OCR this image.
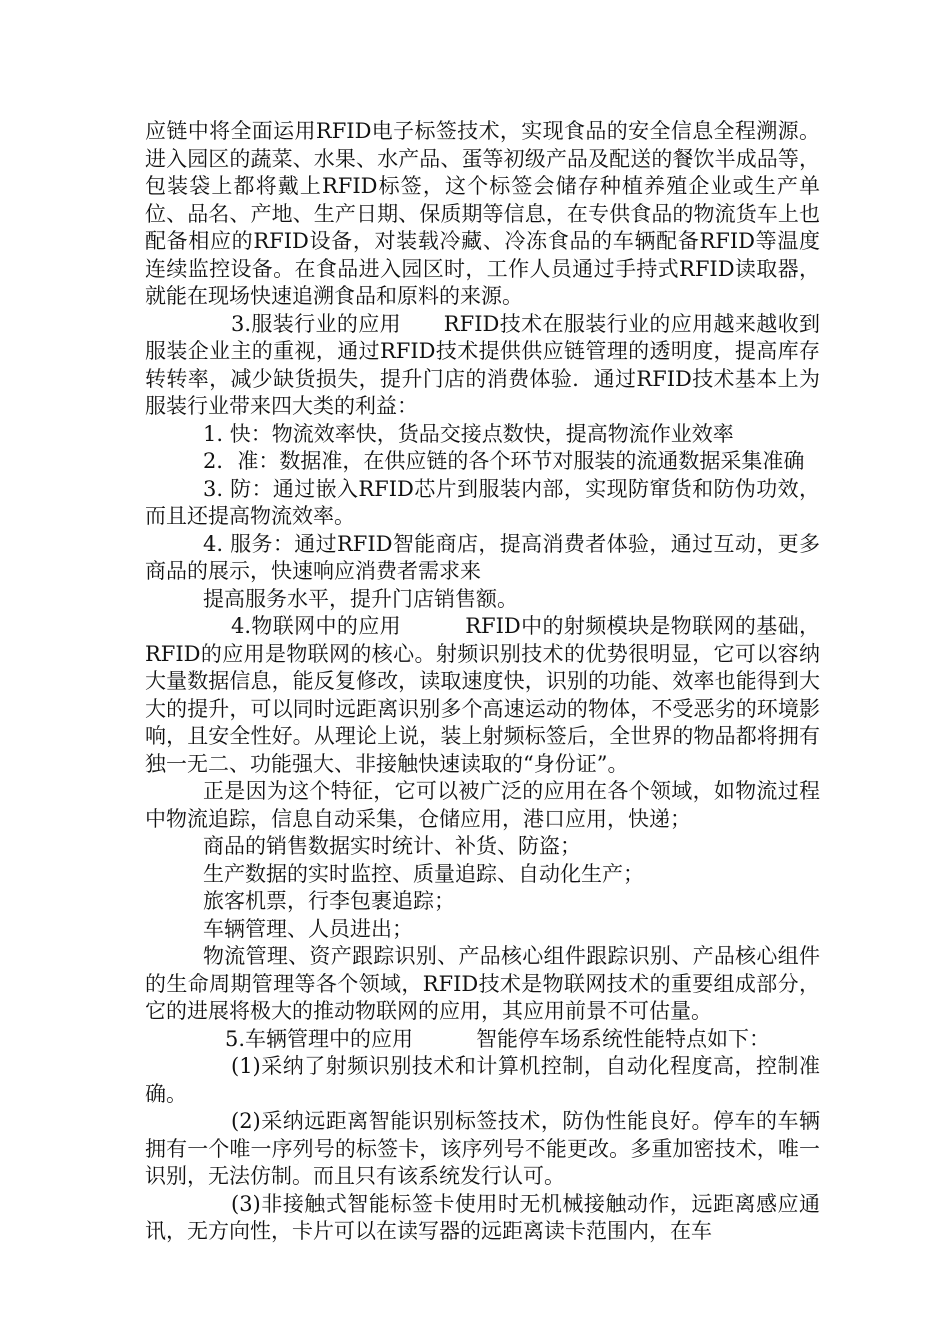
应链中将全面运用RFID电子标签技术，实现食品的安全信息全程溯源。进入园区的蔬菜、水果、水产品、蛋等初级产品及配送的餐饮半成品等，包装袋上都将戴上RFID标签，这个标签会储存种植养殖企业或生产单位、品名、产地、生产日期、保质期等信息，在专供食品的物流货车上也配备相应的RFID设备，对装载冷藏、冷冻食品的车辆配备RFID等温度连续监控设备。在食品进入园区时，工作人员通过手持式RFID读取器，就能在现场快速追溯食品和原料的来源。

3.服装行业的应用　　RFID技术在服装行业的应用越来越收到服装企业主的重视，通过RFID技术提供供应链管理的透明度，提高库存转转率，减少缺货损失，提升门店的消费体验．通过RFID技术基本上为服装行业带来四大类的利益：

1. 快：物流效率快，货品交接点数快，提高物流作业效率

2．准：数据准，在供应链的各个环节对服装的流通数据采集准确

3. 防：通过嵌入RFID芯片到服装内部，实现防窜货和防伪功效，而且还提高物流效率。

4. 服务：通过RFID智能商店，提高消费者体验，通过互动，更多商品的展示，快速响应消费者需求来

提高服务水平，提升门店销售额。

4.物联网中的应用　　　RFID中的射频模块是物联网的基础，RFID的应用是物联网的核心。射频识别技术的优势很明显，它可以容纳大量数据信息，能反复修改，读取速度快，识别的功能、效率也能得到大大的提升，可以同时远距离识别多个高速运动的物体，不受恶劣的环境影响，且安全性好。从理论上说，装上射频标签后，全世界的物品都将拥有独一无二、功能强大、非接触快速读取的“身份证”。

正是因为这个特征，它可以被广泛的应用在各个领域，如物流过程中物流追踪，信息自动采集，仓储应用，港口应用，快递；

商品的销售数据实时统计、补货、防盗；

生产数据的实时监控、质量追踪、自动化生产；

旅客机票，行李包裹追踪；

车辆管理、人员进出；

物流管理、资产跟踪识别、产品核心组件跟踪识别、产品核心组件的生命周期管理等各个领域，RFID技术是物联网技术的重要组成部分，它的进展将极大的推动物联网的应用，其应用前景不可估量。

5.车辆管理中的应用　　　智能停车场系统性能特点如下：

(1)采纳了射频识别技术和计算机控制，自动化程度高，控制准确。

(2)采纳远距离智能识别标签技术，防伪性能良好。停车的车辆拥有一个唯一序列号的标签卡，该序列号不能更改。多重加密技术，唯一识别，无法仿制。而且只有该系统发行认可。

(3)非接触式智能标签卡使用时无机械接触动作，远距离感应通讯，无方向性，卡片可以在读写器的远距离读卡范围内，在车
